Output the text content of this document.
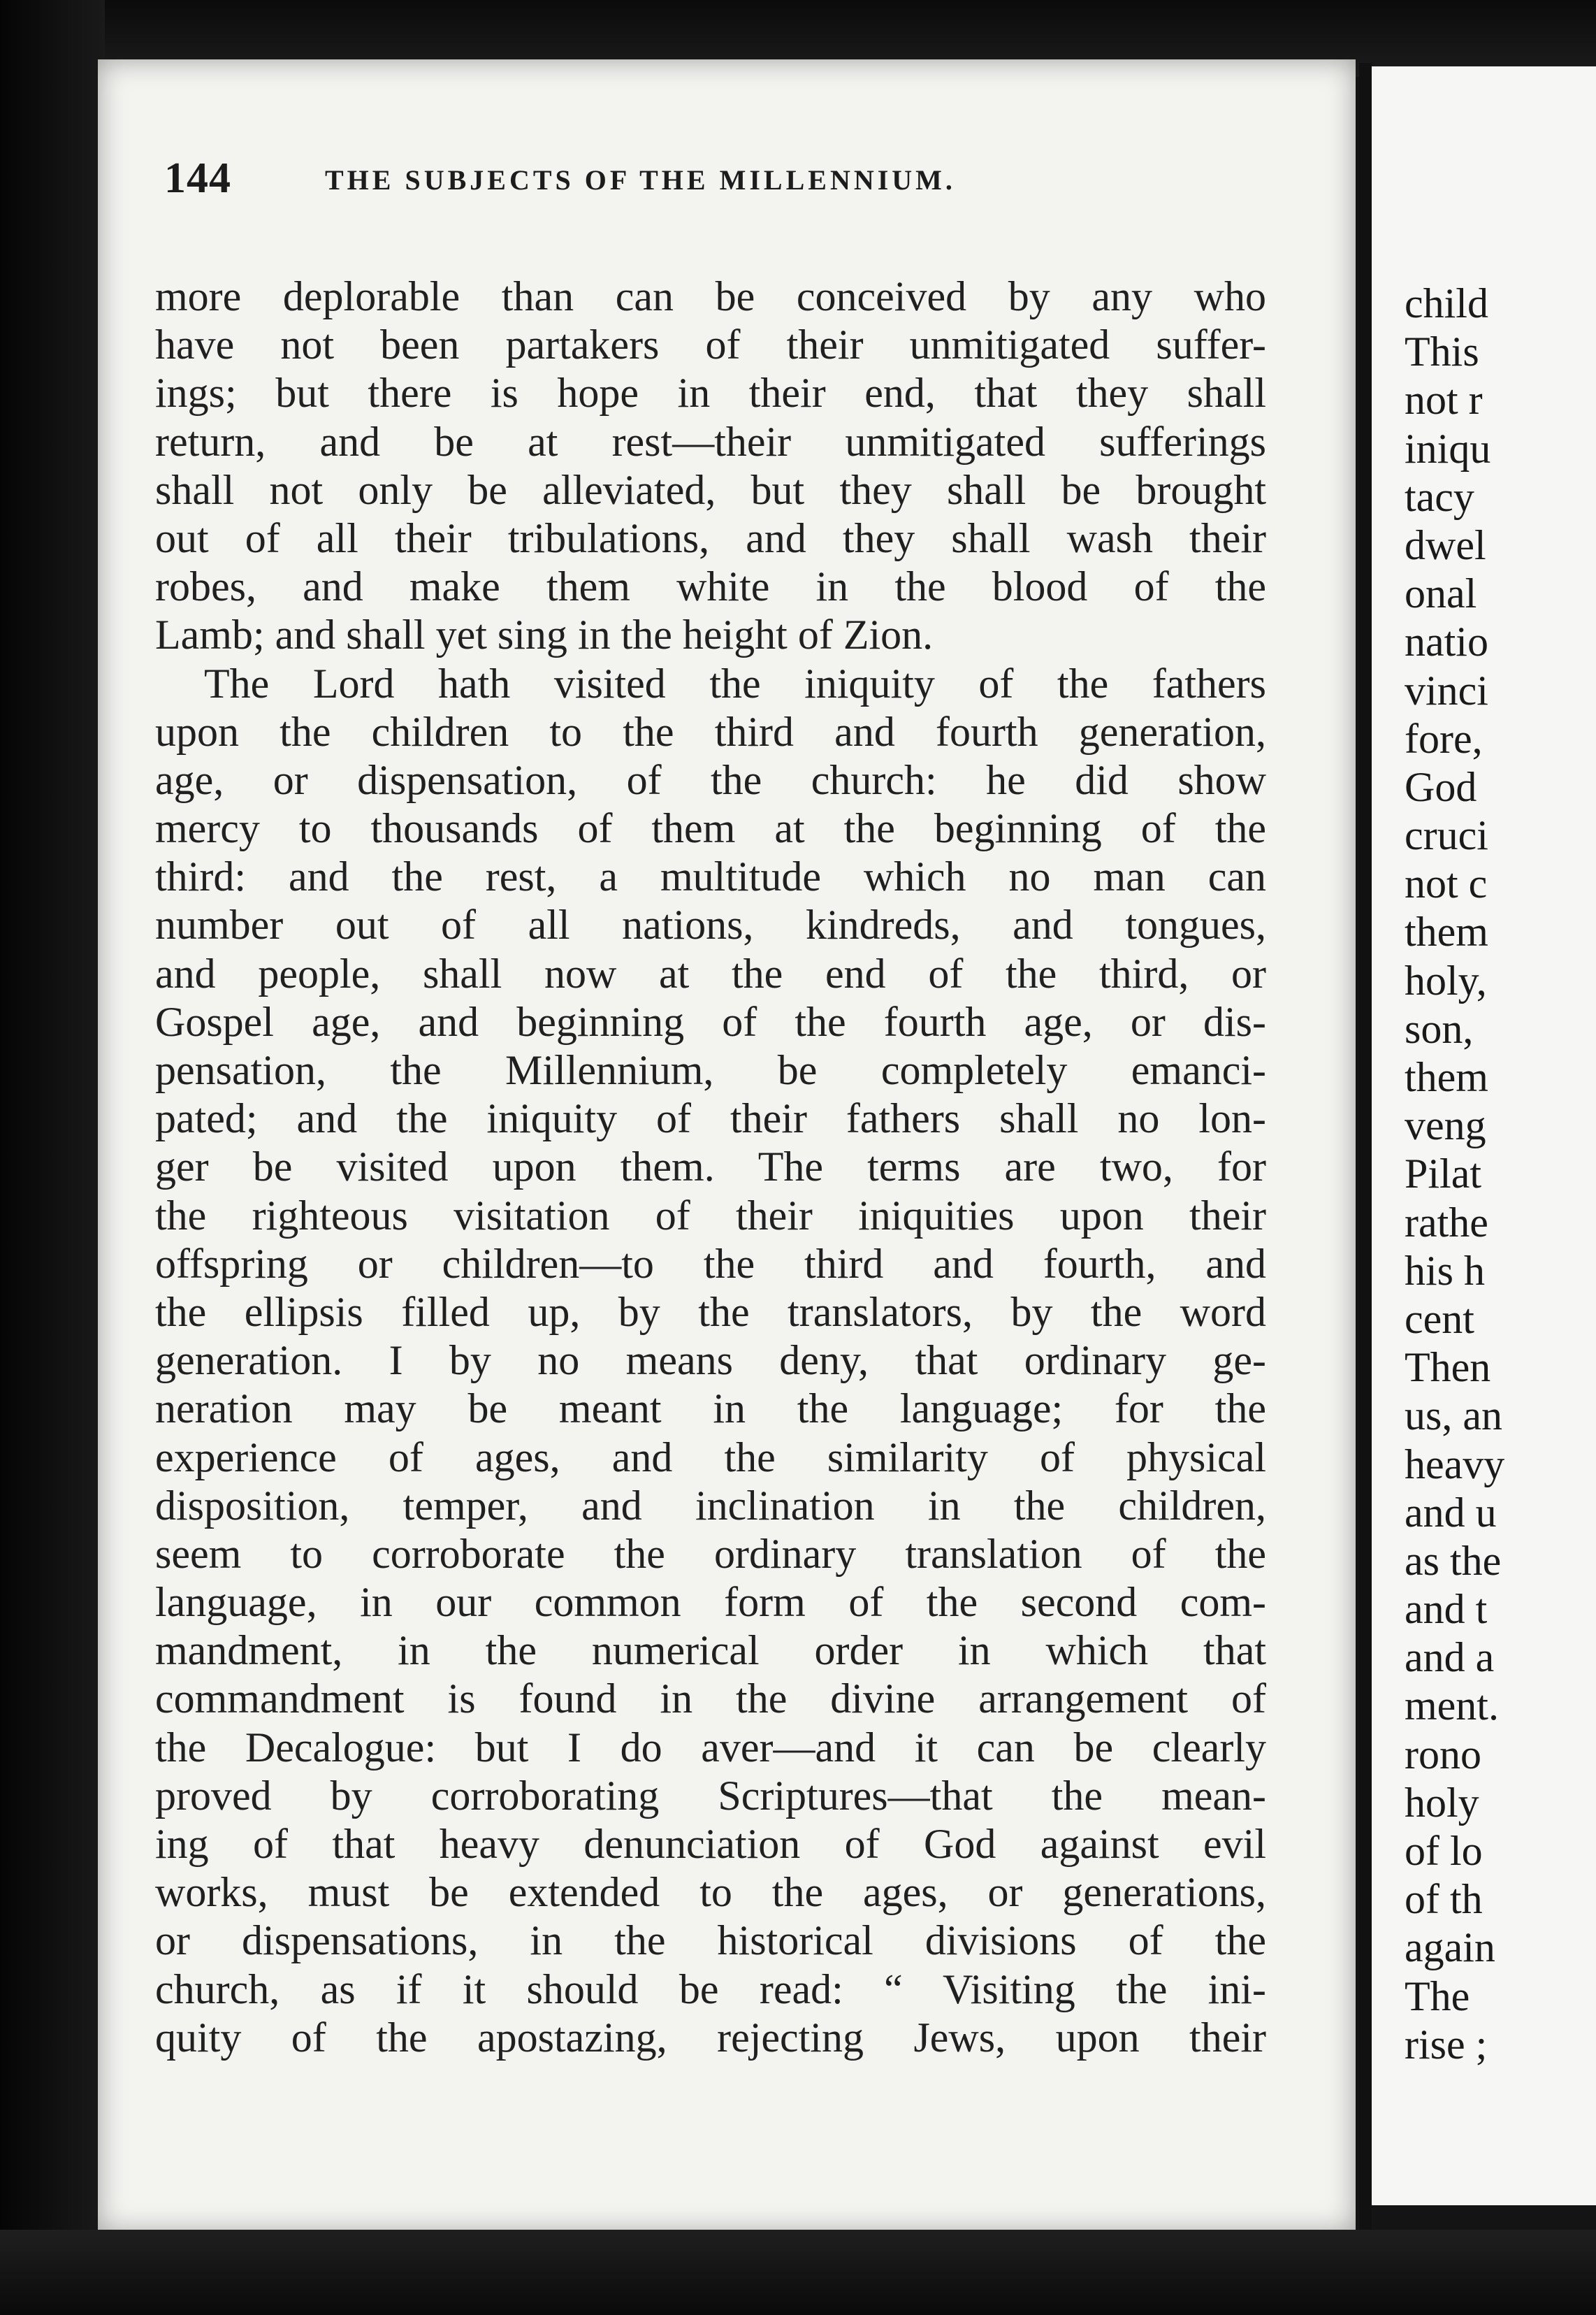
144	THE SUBJECTS OF THE MILLENNIUM.
more deplorable than can be conceived by any who
have not been partakers of their unmitigated suffer-
ings; but there is hope in their end, that they shall
return, and be at rest—their unmitigated sufferings
shall not only be alleviated, but they shall be brought
out of all their tribulations, and they shall wash their
robes, and make them white in the blood of the
Lamb; and shall yet sing in the height of Zion.
The Lord hath visited the iniquity of the fathers
upon the children to the third and fourth generation,
age, or dispensation, of the church: he did show
mercy to thousands of them at the beginning of the
third: and the rest, a multitude which no man can
number out of all nations, kindreds, and tongues,
and people, shall now at the end of the third, or
Gospel age, and beginning of the fourth age, or dis-
pensation, the Millennium, be completely emanci-
pated; and the iniquity of their fathers shall no lon-
ger be visited upon them. The terms are two, for
the righteous visitation of their iniquities upon their
offspring or children—to the third and fourth, and
the ellipsis filled up, by the translators, by the word
generation. I by no means deny, that ordinary ge-
neration may be meant in the language; for the
experience of ages, and the similarity of physical
disposition, temper, and inclination in the children,
seem to corroborate the ordinary translation of the
language, in our common form of the second com-
mandment, in the numerical order in which that
commandment is found in the divine arrangement of
the Decalogue: but I do aver—and it can be clearly
proved by corroborating Scriptures—that the mean-
ing of that heavy denunciation of God against evil
works, must be extended to the ages, or generations,
or dispensations, in the historical divisions of the
church, as if it should be read: “ Visiting the ini-
quity of the apostazing, rejecting Jews, upon their
child
This
not r
iniqu
tacy
dwel
onal
natio
vinci
fore,
God
cruci
not c
them
holy,
son,
them
veng
Pilat
rathe
his h
cent
Then
us, an
heavy
and u
as the
and t
and a
ment.
rono
holy
of lo
of th
again
The
rise ;
